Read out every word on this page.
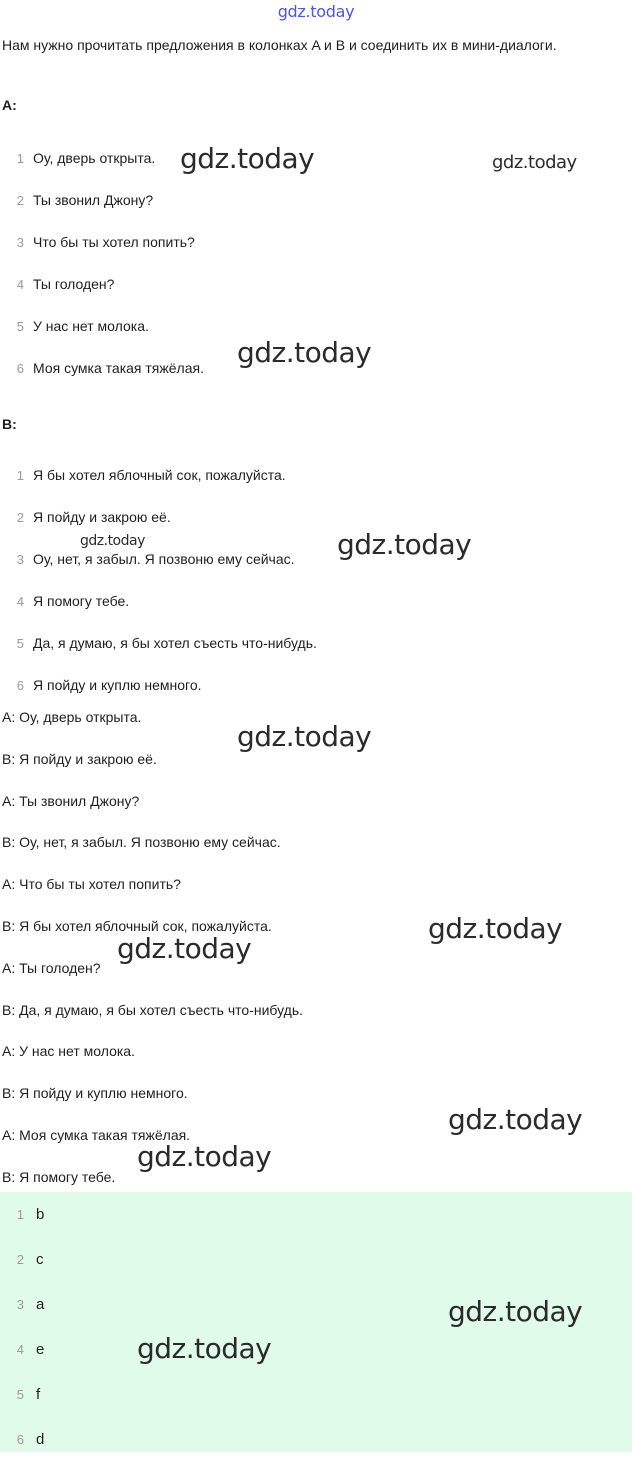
gdz.today
Нам нужно прочитать предложения в колонках A и B и соединить их в мини-диалоги.
A:
1 Оу, дверь открыта.
2 Ты звонил Джону?
3 Что бы ты хотел попить?
4 Ты голоден?
5 У нас нет молока.
6 Моя сумка такая тяжёлая.
B:
1 Я бы хотел яблочный сок, пожалуйста.
2 Я пойду и закрою её.
3 Оу, нет, я забыл. Я позвоню ему сейчас.
4 Я помогу тебе.
5 Да, я думаю, я бы хотел съесть что-нибудь.
6 Я пойду и куплю немного.
A: Оу, дверь открыта.
B: Я пойду и закрою её.
A: Ты звонил Джону?
B: Оу, нет, я забыл. Я позвоню ему сейчас.
A: Что бы ты хотел попить?
B: Я бы хотел яблочный сок, пожалуйста.
A: Ты голоден?
B: Да, я думаю, я бы хотел съесть что-нибудь.
A: У нас нет молока.
B: Я пойду и куплю немного.
A: Моя сумка такая тяжёлая.
B: Я помогу тебе.
1 b
2 c
3 a
4 e
5 f
6 d
gdz.today	gdz.today
gdz.today
gdz.today	gdz.today
gdz.today
gdz.today
gdz.today
gdz.today
gdz.today
gdz.today
gdz.today
